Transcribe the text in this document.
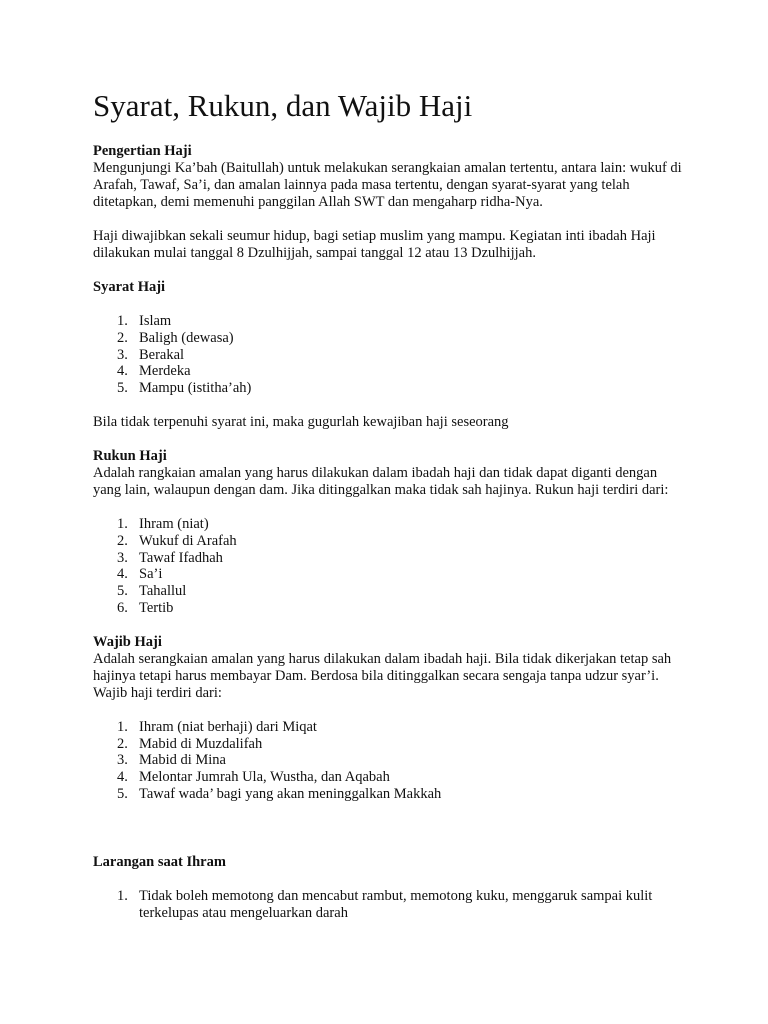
Syarat, Rukun, dan Wajib Haji
Pengertian Haji

Mengunjungi Ka’bah (Baitullah) untuk melakukan serangkaian amalan tertentu, antara lain: wukuf di Arafah, Tawaf, Sa’i, dan amalan lainnya pada masa tertentu, dengan syarat-syarat yang telah ditetapkan, demi memenuhi panggilan Allah SWT dan mengaharp ridha-Nya.

Haji diwajibkan sekali seumur hidup, bagi setiap muslim yang mampu. Kegiatan inti ibadah Haji dilakukan mulai tanggal 8 Dzulhijjah, sampai tanggal 12 atau 13 Dzulhijjah.

Syarat Haji
1. Islam
2. Baligh (dewasa)
3. Berakal
4. Merdeka
5. Mampu (istitha’ah)

Bila tidak terpenuhi syarat ini, maka gugurlah kewajiban haji seseorang

Rukun Haji

Adalah rangkaian amalan yang harus dilakukan dalam ibadah haji dan tidak dapat diganti dengan yang lain, walaupun dengan dam. Jika ditinggalkan maka tidak sah hajinya. Rukun haji terdiri dari:

1. Ihram (niat)
2. Wukuf di Arafah
3. Tawaf Ifadhah
4. Sa’i
5. Tahallul
6. Tertib
Wajib Haji

Adalah serangkaian amalan yang harus dilakukan dalam ibadah haji. Bila tidak dikerjakan tetap sah hajinya tetapi harus membayar Dam. Berdosa bila ditinggalkan secara sengaja tanpa udzur syar’i. Wajib haji terdiri dari:

1. Ihram (niat berhaji) dari Miqat
2. Mabid di Muzdalifah
3. Mabid di Mina
4. Melontar Jumrah Ula, Wustha, dan Aqabah
5. Tawaf wada’ bagi yang akan meninggalkan Makkah
Larangan saat Ihram
1. Tidak boleh memotong dan mencabut rambut, memotong kuku, menggaruk sampai kulit terkelupas atau mengeluarkan darah
